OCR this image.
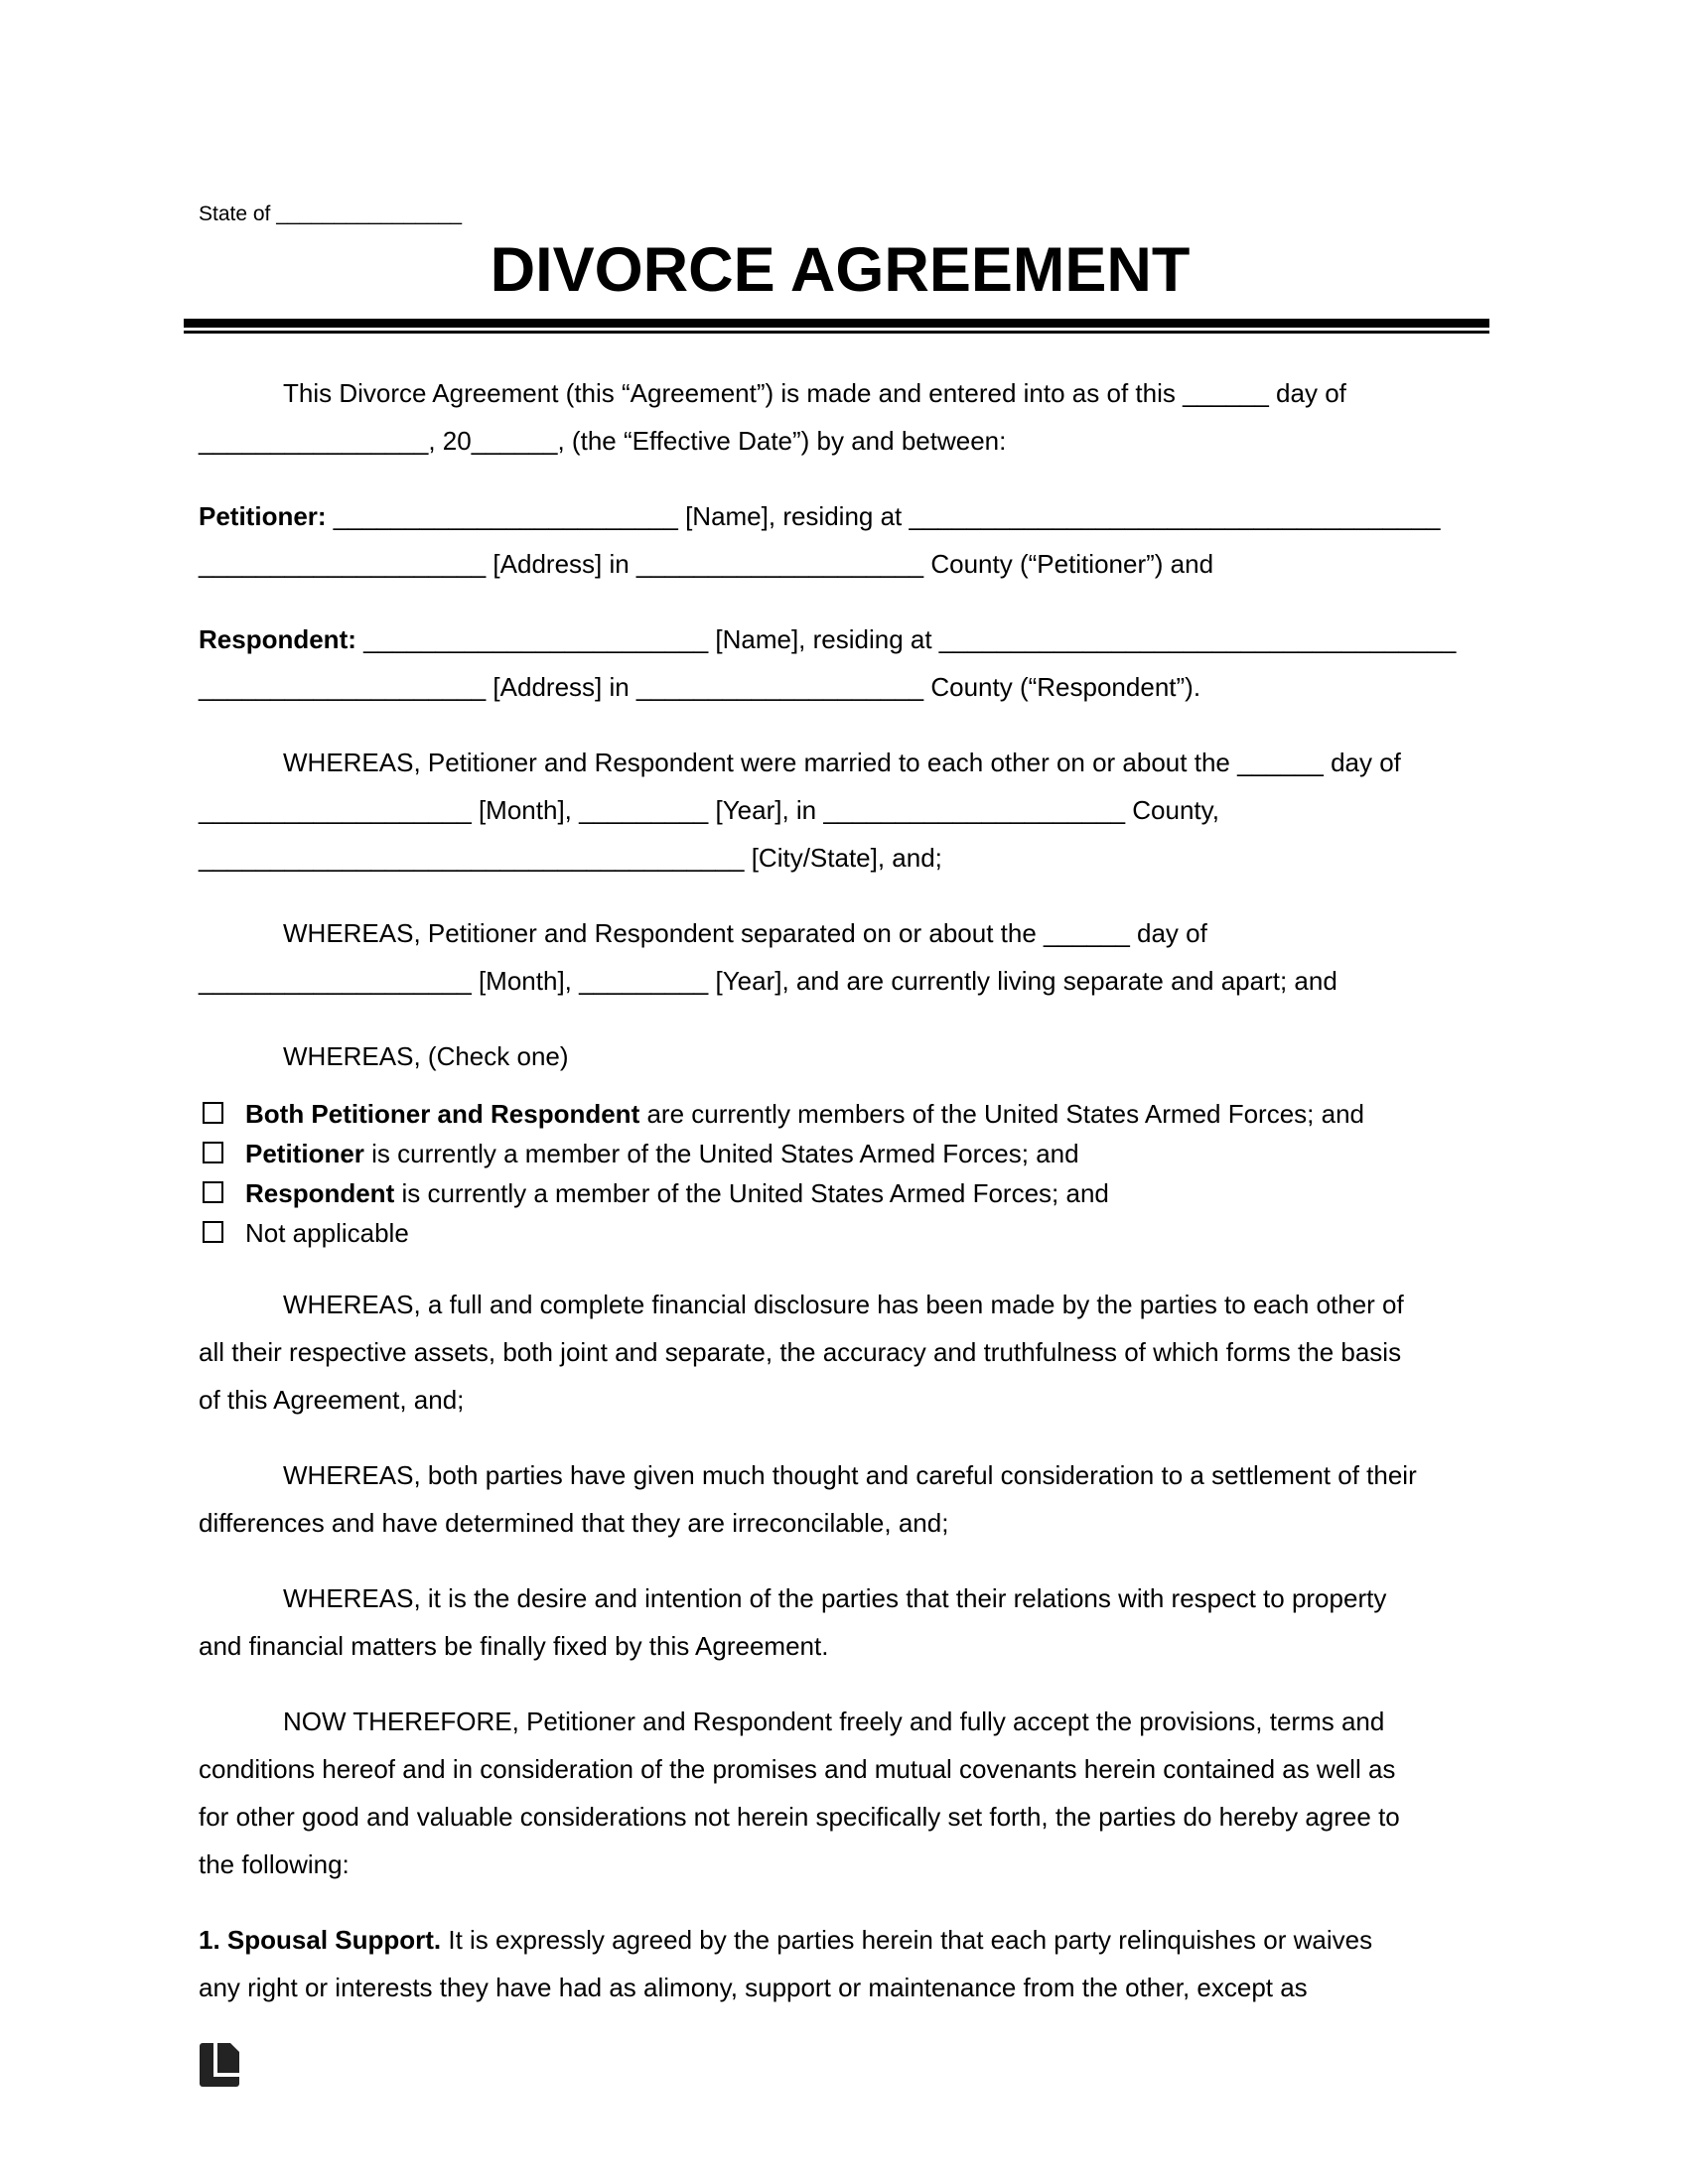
State of ________________
DIVORCE AGREEMENT
This Divorce Agreement (this “Agreement”) is made and entered into as of this ______ day of
________________, 20______, (the “Effective Date”) by and between:
Petitioner: ________________________ [Name], residing at _____________________________________
____________________ [Address] in ____________________ County (“Petitioner”) and
Respondent: ________________________ [Name], residing at ____________________________________
____________________ [Address] in ____________________ County (“Respondent”).
WHEREAS, Petitioner and Respondent were married to each other on or about the ______ day of
___________________ [Month], _________ [Year], in _____________________ County,
______________________________________ [City/State], and;
WHEREAS, Petitioner and Respondent separated on or about the ______ day of
___________________ [Month], _________ [Year], and are currently living separate and apart; and
WHEREAS, (Check one)
Both Petitioner and Respondent are currently members of the United States Armed Forces; and
Petitioner is currently a member of the United States Armed Forces; and
Respondent is currently a member of the United States Armed Forces; and
Not applicable
WHEREAS, a full and complete financial disclosure has been made by the parties to each other of
all their respective assets, both joint and separate, the accuracy and truthfulness of which forms the basis
of this Agreement, and;
WHEREAS, both parties have given much thought and careful consideration to a settlement of their
differences and have determined that they are irreconcilable, and;
WHEREAS, it is the desire and intention of the parties that their relations with respect to property
and financial matters be finally fixed by this Agreement.
NOW THEREFORE, Petitioner and Respondent freely and fully accept the provisions, terms and
conditions hereof and in consideration of the promises and mutual covenants herein contained as well as
for other good and valuable considerations not herein specifically set forth, the parties do hereby agree to
the following:
1. Spousal Support. It is expressly agreed by the parties herein that each party relinquishes or waives
any right or interests they have had as alimony, support or maintenance from the other, except as
